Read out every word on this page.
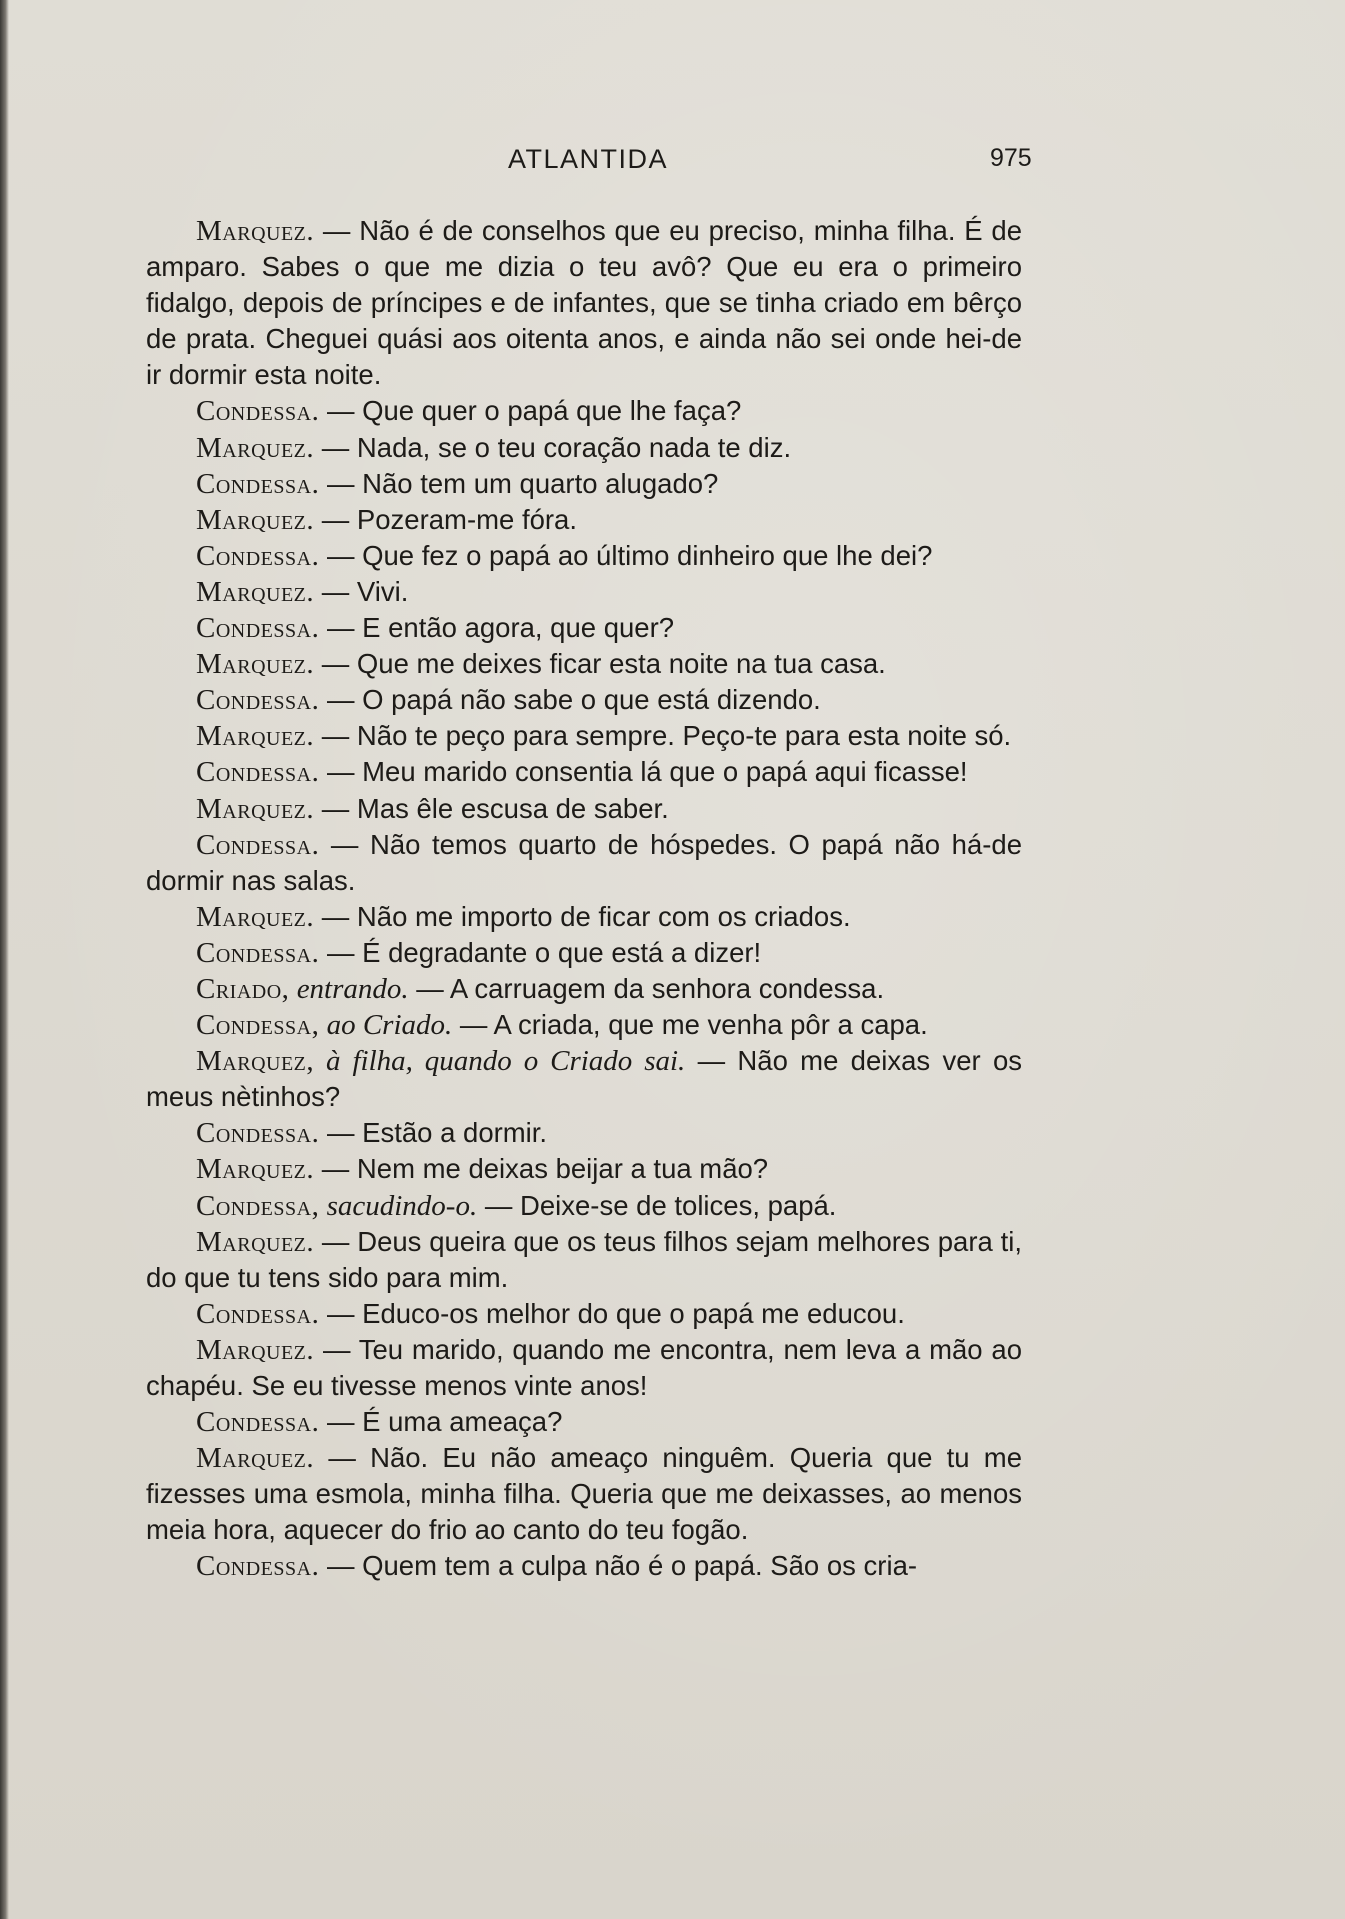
ATLANTIDA	975

Marquez. — Não é de conselhos que eu preciso, minha filha. É de amparo. Sabes o que me dizia o teu avô? Que eu era o primeiro fidalgo, depois de príncipes e de infantes, que se tinha criado em bêrço de prata. Cheguei quási aos oitenta anos, e ainda não sei onde hei-de ir dormir esta noite.

Condessa. — Que quer o papá que lhe faça?

Marquez. — Nada, se o teu coração nada te diz.

Condessa. — Não tem um quarto alugado?

Marquez. — Pozeram-me fóra.

Condessa. — Que fez o papá ao último dinheiro que lhe dei?

Marquez. — Vivi.

Condessa. — E então agora, que quer?

Marquez. — Que me deixes ficar esta noite na tua casa.

Condessa. — O papá não sabe o que está dizendo.

Marquez. — Não te peço para sempre. Peço-te para esta noite só.

Condessa. — Meu marido consentia lá que o papá aqui ficasse!

Marquez. — Mas êle escusa de saber.

Condessa. — Não temos quarto de hóspedes. O papá não há-de dormir nas salas.

Marquez. — Não me importo de ficar com os criados.

Condessa. — É degradante o que está a dizer!

Criado, entrando. — A carruagem da senhora condessa.

Condessa, ao Criado. — A criada, que me venha pôr a capa.

Marquez, à filha, quando o Criado sai. — Não me deixas ver os meus nètinhos?

Condessa. — Estão a dormir.

Marquez. — Nem me deixas beijar a tua mão?

Condessa, sacudindo-o. — Deixe-se de tolices, papá.

Marquez. — Deus queira que os teus filhos sejam melhores para ti, do que tu tens sido para mim.

Condessa. — Educo-os melhor do que o papá me educou.

Marquez. — Teu marido, quando me encontra, nem leva a mão ao chapéu. Se eu tivesse menos vinte anos!

Condessa. — É uma ameaça?

Marquez. — Não. Eu não ameaço ninguêm. Queria que tu me fizesses uma esmola, minha filha. Queria que me deixasses, ao menos meia hora, aquecer do frio ao canto do teu fogão.

Condessa. — Quem tem a culpa não é o papá. São os cria-
